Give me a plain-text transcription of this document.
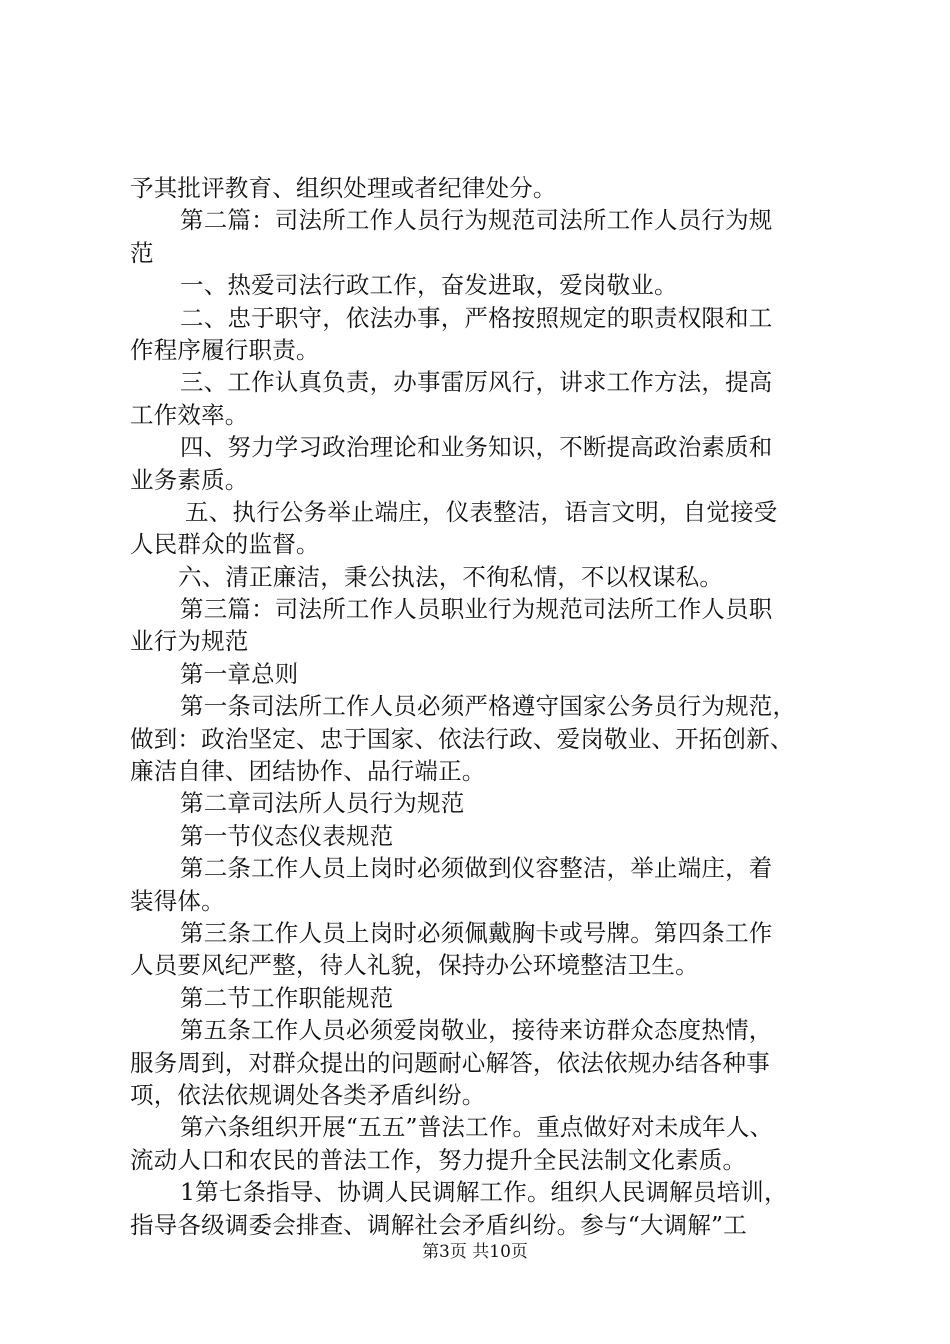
予其批评教育、组织处理或者纪律处分。
第二篇：司法所工作人员行为规范司法所工作人员行为规
范
一、热爱司法行政工作，奋发进取，爱岗敬业。
二、忠于职守，依法办事，严格按照规定的职责权限和工
作程序履行职责。
三、工作认真负责，办事雷厉风行，讲求工作方法，提高
工作效率。
四、努力学习政治理论和业务知识，不断提高政治素质和
业务素质。
五、执行公务举止端庄，仪表整洁，语言文明，自觉接受
人民群众的监督。
六、清正廉洁，秉公执法，不徇私情，不以权谋私。
第三篇：司法所工作人员职业行为规范司法所工作人员职
业行为规范
第一章总则
第一条司法所工作人员必须严格遵守国家公务员行为规范，
做到：政治坚定、忠于国家、依法行政、爱岗敬业、开拓创新、
廉洁自律、团结协作、品行端正。
第二章司法所人员行为规范
第一节仪态仪表规范
第二条工作人员上岗时必须做到仪容整洁，举止端庄，着
装得体。
第三条工作人员上岗时必须佩戴胸卡或号牌。第四条工作
人员要风纪严整，待人礼貌，保持办公环境整洁卫生。
第二节工作职能规范
第五条工作人员必须爱岗敬业，接待来访群众态度热情，
服务周到，对群众提出的问题耐心解答，依法依规办结各种事
项，依法依规调处各类矛盾纠纷。
第六条组织开展“五五”普法工作。重点做好对未成年人、
流动人口和农民的普法工作，努力提升全民法制文化素质。
1第七条指导、协调人民调解工作。组织人民调解员培训，
指导各级调委会排查、调解社会矛盾纠纷。参与“大调解”工
第3页 共10页
